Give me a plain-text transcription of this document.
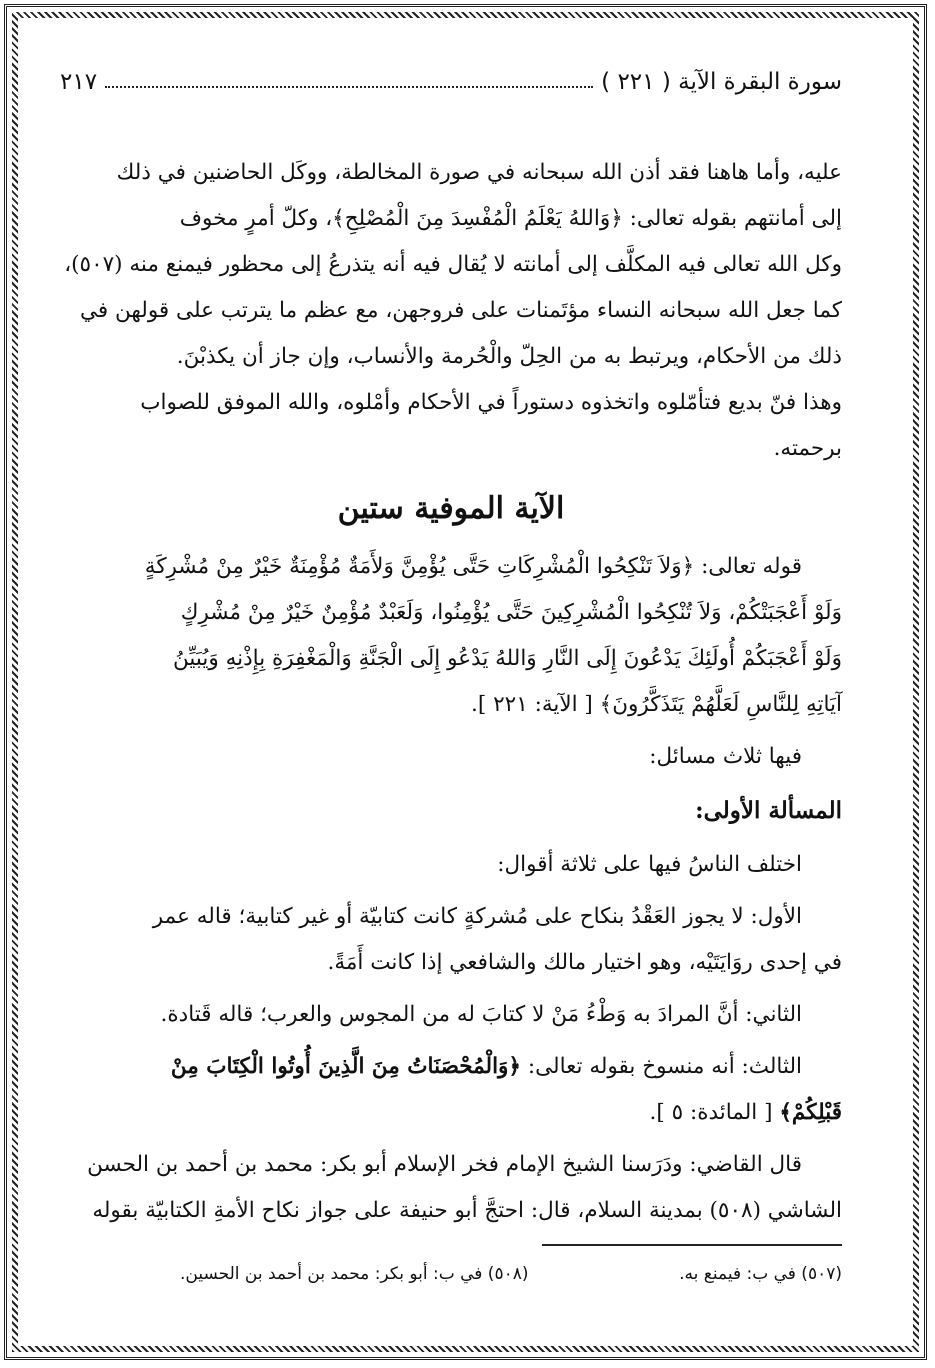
سورة البقرة الآية ( ٢٢١ )
٢١٧

عليه، وأما هاهنا فقد أذن الله سبحانه في صورة المخالطة، ووكَل الحاضنين في ذلك

إلى أمانتهم بقوله تعالى: ﴿وَاللهُ يَعْلَمُ الْمُفْسِدَ مِنَ الْمُصْلِحِ﴾، وكلّ أمرٍ مخوف

وكل الله تعالى فيه المكلَّف إلى أمانته لا يُقال فيه أنه يتذرعُ إلى محظور فيمنع منه (٥٠٧)،

كما جعل الله سبحانه النساء مؤتَمنات على فروجهن، مع عظم ما يترتب على قولهن في

ذلك من الأحكام، ويرتبط به من الحِلّ والْحُرمة والأنساب، وإن جاز أن يكذبْنَ.

وهذا فنّ بديع فتأمّلوه واتخذوه دستوراً في الأحكام وأمْلوه، والله الموفق للصواب

برحمته.

الآية الموفية ستين

قوله تعالى: ﴿وَلاَ تَنْكِحُوا الْمُشْرِكَاتِ حَتَّى يُؤْمِنَّ وَلأَمَةٌ مُؤْمِنَةٌ خَيْرٌ مِنْ مُشْرِكَةٍ

وَلَوْ أَعْجَبَتْكُمْ، وَلاَ تُنْكِحُوا الْمُشْرِكِينَ حَتَّى يُؤْمِنُوا، وَلَعَبْدٌ مُؤْمِنٌ خَيْرٌ مِنْ مُشْرِكٍ

وَلَوْ أَعْجَبَكُمْ أُولَئِكَ يَدْعُونَ إِلَى النَّارِ وَاللهُ يَدْعُو إِلَى الْجَنَّةِ وَالْمَغْفِرَةِ بِإِذْنِهِ وَيُبَيِّنُ

آيَاتِهِ لِلنَّاسِ لَعَلَّهُمْ يَتَذَكَّرُونَ﴾ [ الآية: ٢٢١ ].

فيها ثلاث مسائل:

المسألة الأولى:

اختلف الناسُ فيها على ثلاثة أقوال:

الأول: لا يجوز العَقْدُ بنكاح على مُشركةٍ كانت كتابيّة أو غير كتابية؛ قاله عمر

في إحدى روَايَتَيْه، وهو اختيار مالك والشافعي إذا كانت أَمَةً.

الثاني: أنَّ المرادَ به وَطْءُ مَنْ لا كتابَ له من المجوس والعرب؛ قاله قَتادة.

الثالث: أنه منسوخ بقوله تعالى: ﴿وَالْمُحْصَنَاتُ مِنَ الَّذِينَ أُوتُوا الْكِتَابَ مِنْ

قَبْلِكُمْ﴾ [ المائدة: ٥ ].

قال القاضي: ودَرَسنا الشيخ الإمام فخر الإسلام أبو بكر: محمد بن أحمد بن الحسن

الشاشي (٥٠٨) بمدينة السلام، قال: احتجَّ أبو حنيفة على جواز نكاح الأمةِ الكتابيّة بقوله

(٥٠٧) في ب: فيمنع به.
(٥٠٨) في ب: أبو بكر: محمد بن أحمد بن الحسين.
